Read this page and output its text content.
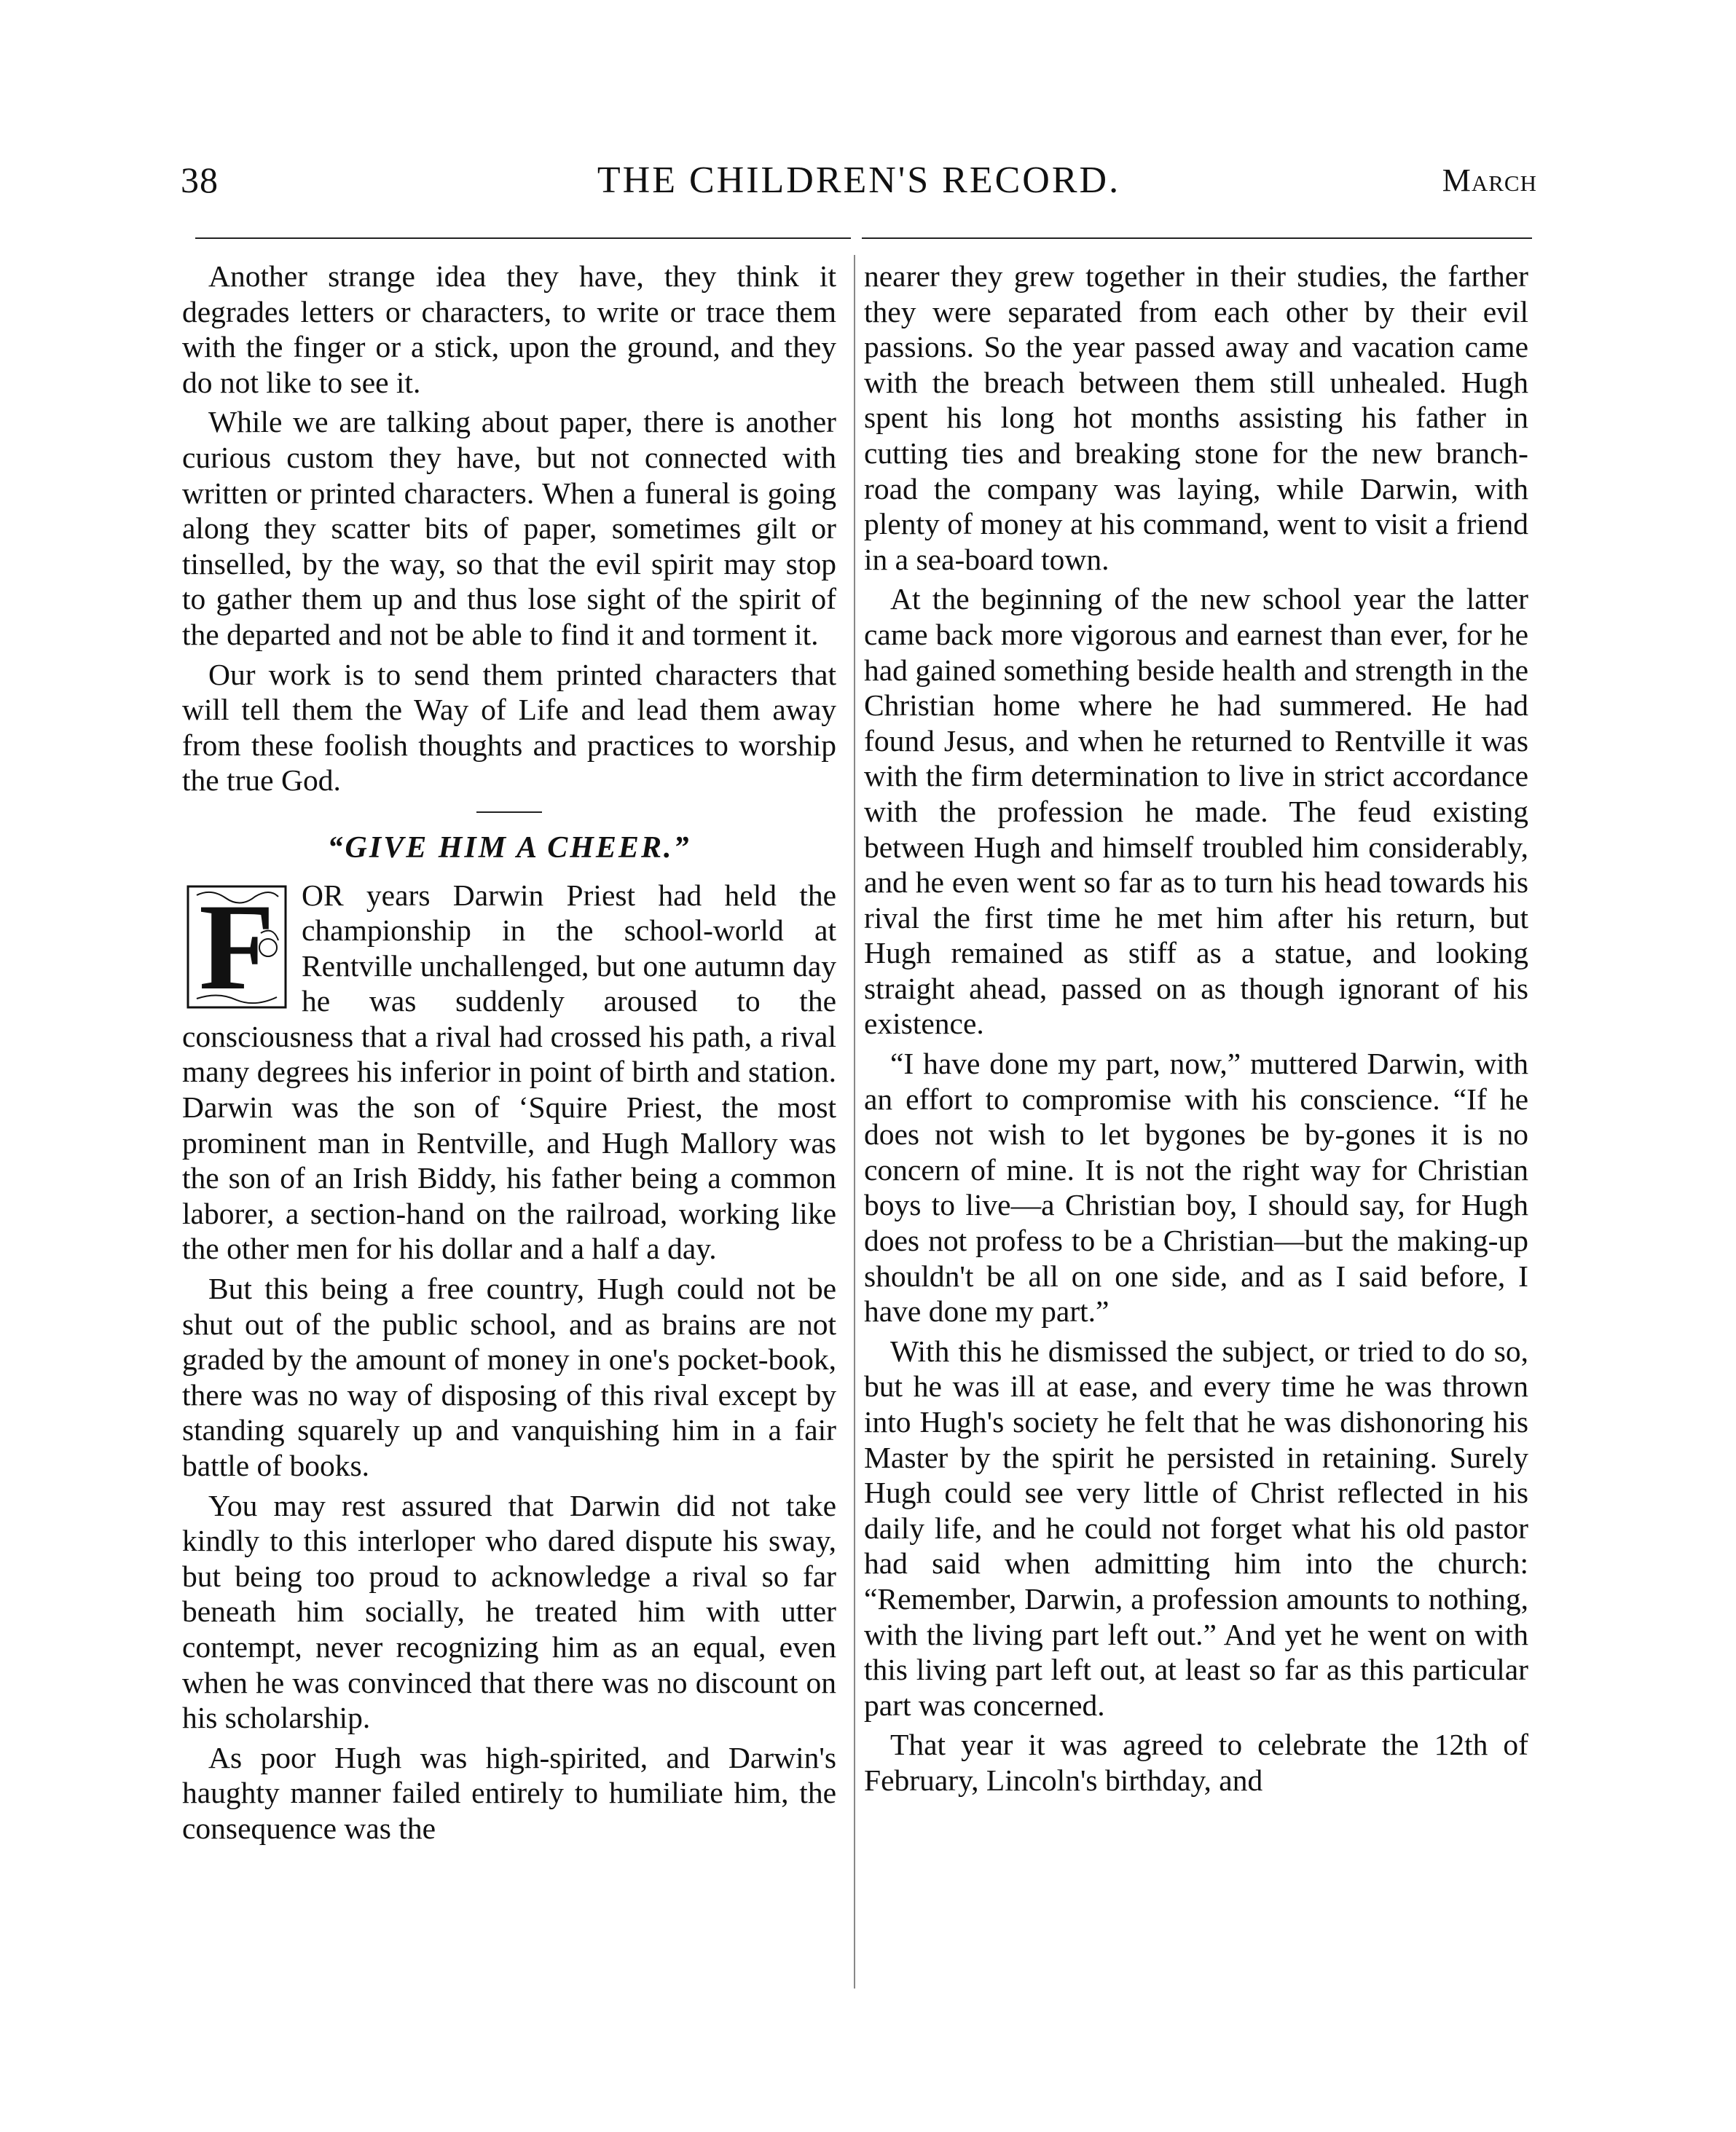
38	THE CHILDREN'S RECORD.	March

Another strange idea they have, they think it degrades letters or characters, to write or trace them with the finger or a stick, upon the ground, and they do not like to see it.

While we are talking about paper, there is another curious custom they have, but not connected with written or printed characters. When a funeral is going along they scatter bits of paper, sometimes gilt or tinselled, by the way, so that the evil spirit may stop to gather them up and thus lose sight of the spirit of the departed and not be able to find it and torment it.

Our work is to send them printed characters that will tell them the Way of Life and lead them away from these foolish thoughts and practices to worship the true God.

“GIVE HIM A CHEER.”

F OR years Darwin Priest had held the championship in the school-world at Rentville unchallenged, but one autumn day he was suddenly aroused to the consciousness that a rival had crossed his path, a rival many degrees his inferior in point of birth and station. Darwin was the son of ‘Squire Priest, the most prominent man in Rentville, and Hugh Mallory was the son of an Irish Biddy, his father being a common laborer, a section-hand on the railroad, working like the other men for his dollar and a half a day.

But this being a free country, Hugh could not be shut out of the public school, and as brains are not graded by the amount of money in one's pocket-book, there was no way of disposing of this rival except by standing squarely up and vanquishing him in a fair battle of books.

You may rest assured that Darwin did not take kindly to this interloper who dared dispute his sway, but being too proud to acknowledge a rival so far beneath him socially, he treated him with utter contempt, never recognizing him as an equal, even when he was convinced that there was no discount on his scholarship.

As poor Hugh was high-spirited, and Darwin's haughty manner failed entirely to humiliate him, the consequence was the

nearer they grew together in their studies, the farther they were separated from each other by their evil passions. So the year passed away and vacation came with the breach between them still unhealed. Hugh spent his long hot months assisting his father in cutting ties and breaking stone for the new branch-road the company was laying, while Darwin, with plenty of money at his command, went to visit a friend in a sea-board town.

At the beginning of the new school year the latter came back more vigorous and earnest than ever, for he had gained something beside health and strength in the Christian home where he had summered. He had found Jesus, and when he returned to Rentville it was with the firm determination to live in strict accordance with the profession he made. The feud existing between Hugh and himself troubled him considerably, and he even went so far as to turn his head towards his rival the first time he met him after his return, but Hugh remained as stiff as a statue, and looking straight ahead, passed on as though ignorant of his existence.

“I have done my part, now,” muttered Darwin, with an effort to compromise with his conscience. “If he does not wish to let bygones be by-gones it is no concern of mine. It is not the right way for Christian boys to live—a Christian boy, I should say, for Hugh does not profess to be a Christian—but the making-up shouldn't be all on one side, and as I said before, I have done my part.”

With this he dismissed the subject, or tried to do so, but he was ill at ease, and every time he was thrown into Hugh's society he felt that he was dishonoring his Master by the spirit he persisted in retaining. Surely Hugh could see very little of Christ reflected in his daily life, and he could not forget what his old pastor had said when admitting him into the church: “Remember, Darwin, a profession amounts to nothing, with the living part left out.” And yet he went on with this living part left out, at least so far as this particular part was concerned.

That year it was agreed to celebrate the 12th of February, Lincoln's birthday, and
